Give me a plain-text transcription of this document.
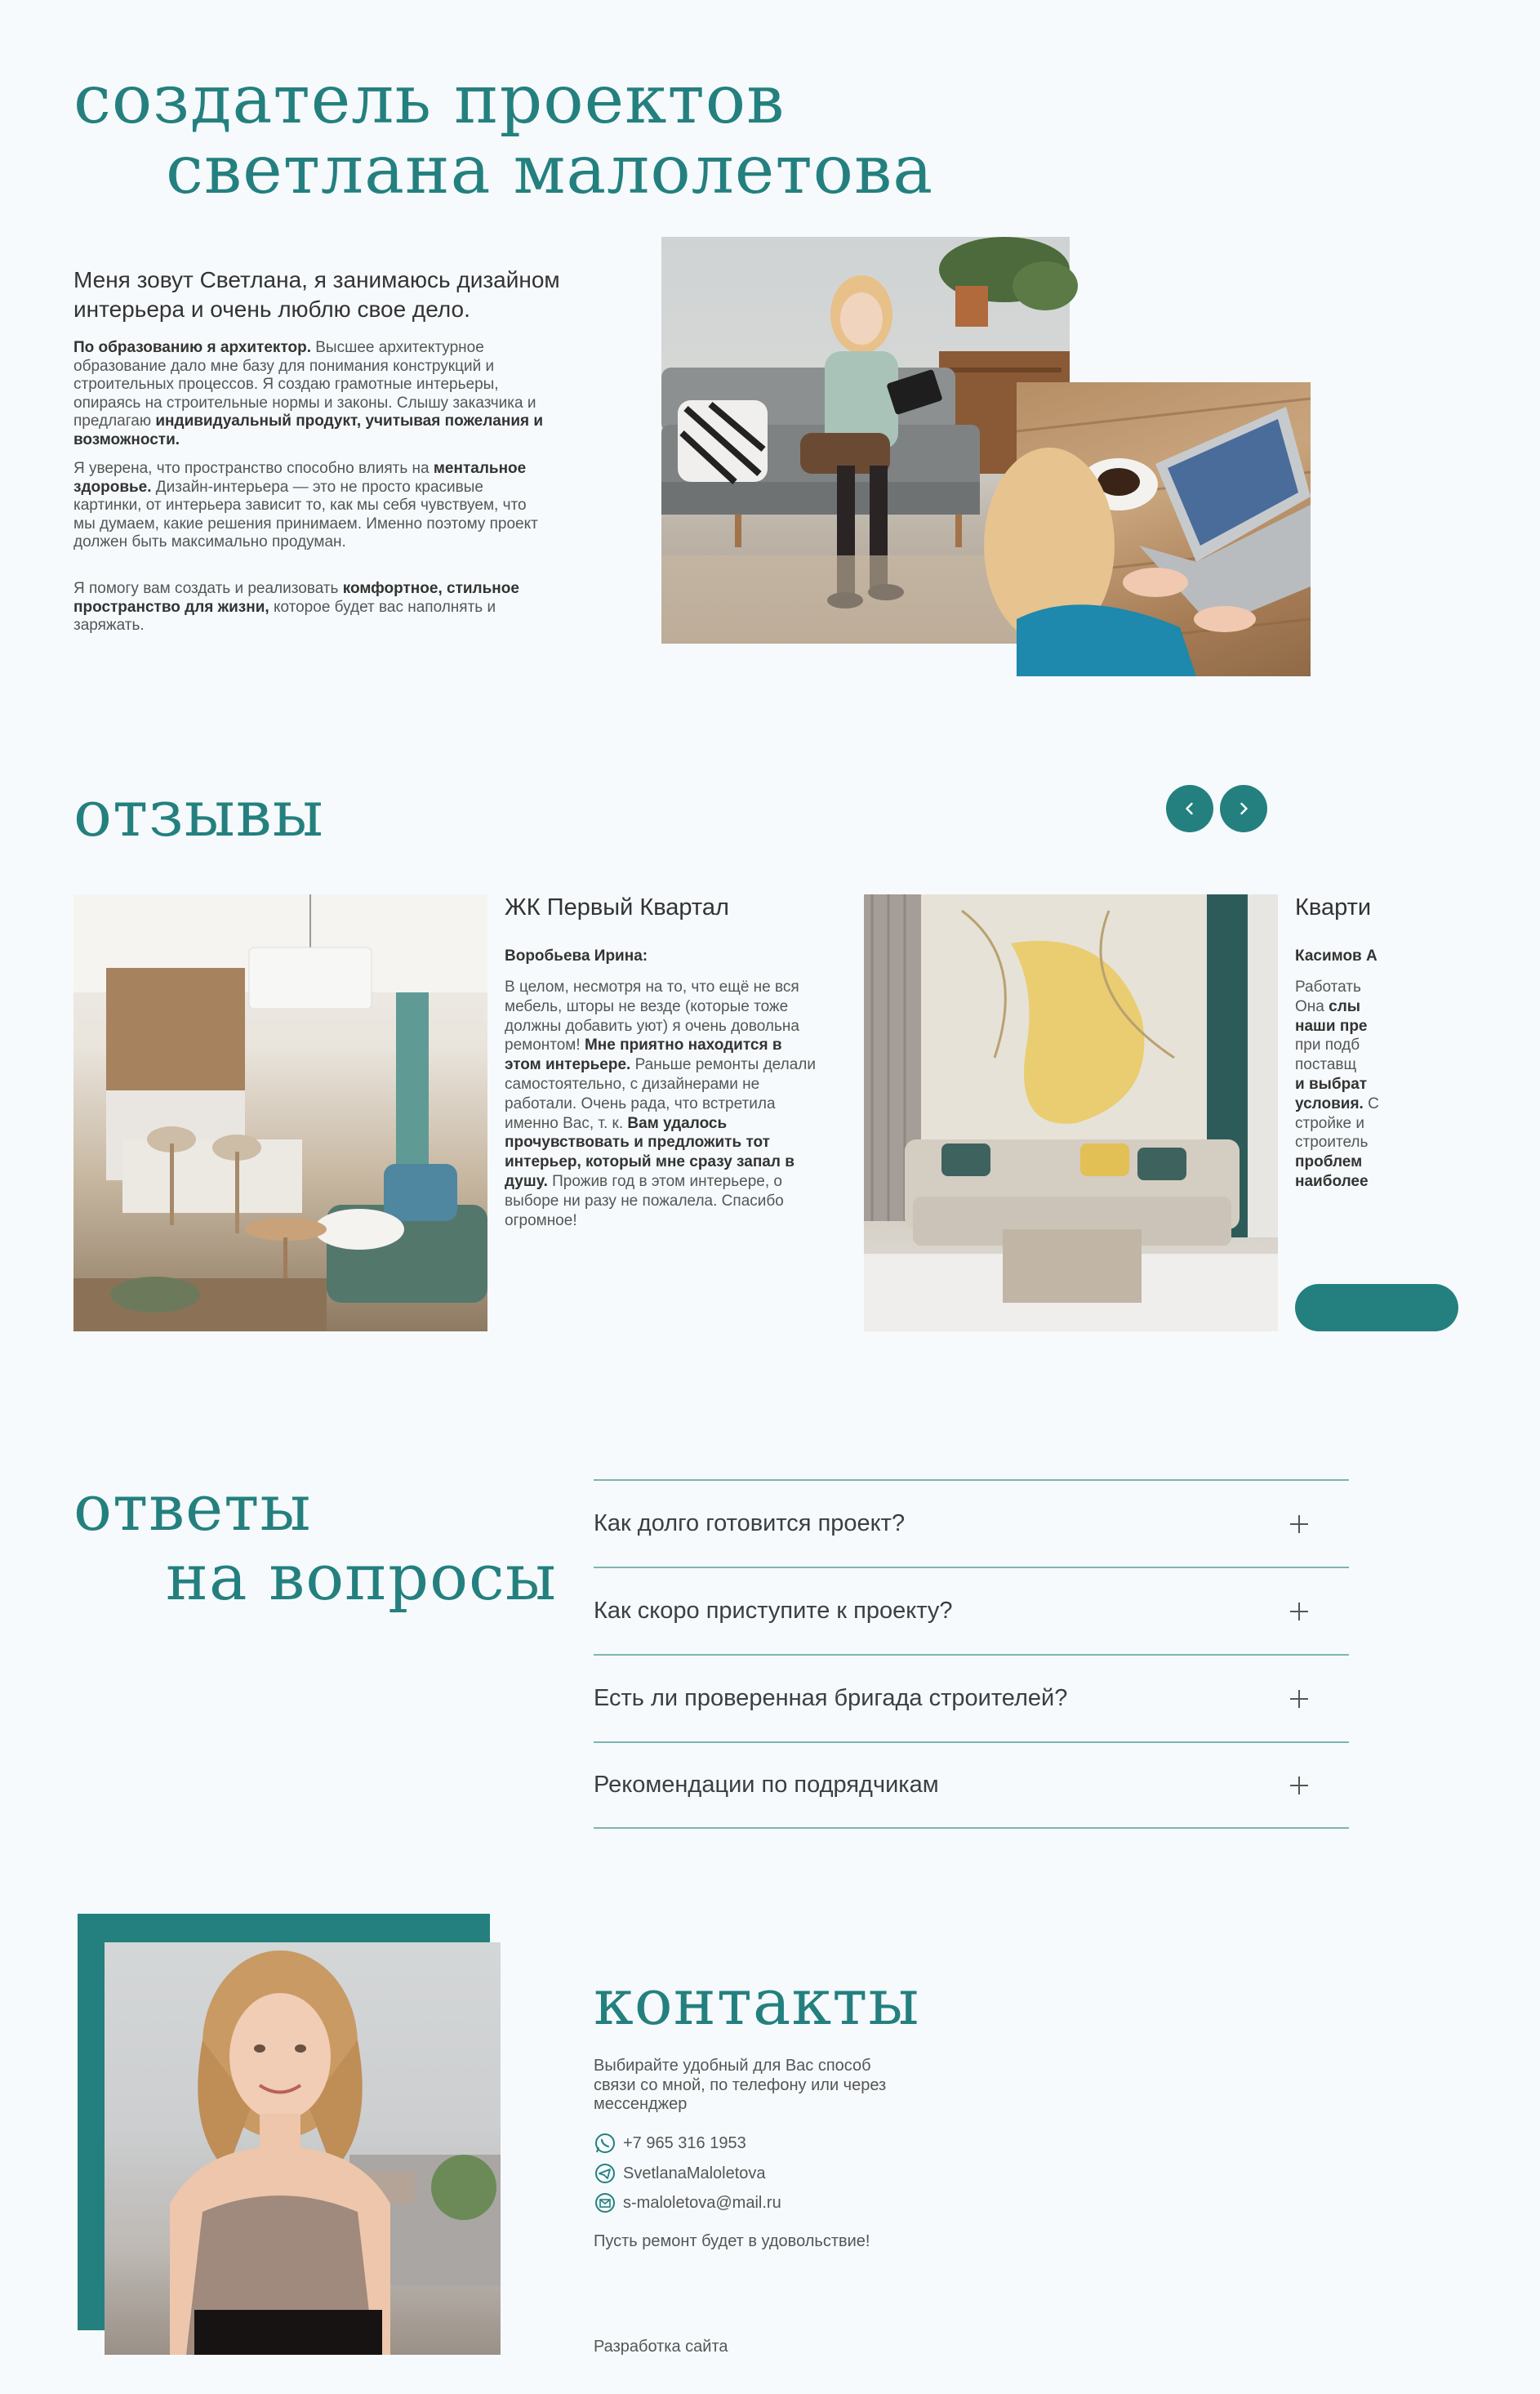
создатель проектов
светлана малолетова
Меня зовут Светлана, я занимаюсь дизайном интерьера и очень люблю свое дело.

По образованию я архитектор. Высшее архитектурное образование дало мне базу для понимания конструкций и строительных процессов. Я создаю грамотные интерьеры, опираясь на строительные нормы и законы. Слышу заказчика и предлагаю индивидуальный продукт, учитывая пожелания и возможности.

Я уверена, что пространство способно влиять на ментальное здоровье. Дизайн-интерьера — это не просто красивые картинки, от интерьера зависит то, как мы себя чувствуем, что мы думаем, какие решения принимаем. Именно поэтому проект должен быть максимально продуман.

Я помогу вам создать и реализовать комфортное, стильное пространство для жизни, которое будет вас наполнять и заряжать.

отзывы
ЖК Первый Квартал
Воробьева Ирина:

В целом, несмотря на то, что ещё не вся мебель, шторы не везде (которые тоже должны добавить уют) я очень довольна ремонтом! Мне приятно находится в этом интерьере. Раньше ремонты делали самостоятельно, с дизайнерами не работали. Очень рада, что встретила именно Вас, т. к. Вам удалось прочувствовать и предложить тот интерьер, который мне сразу запал в душу. Прожив год в этом интерьере, о выборе ни разу не пожалела. Спасибо огромное!

Кварти
Касимов А
Работать
Она слы
наши пре
при подб
поставщ
и выбрат
условия. С
стройке и
строитель
проблем
наиболее
ответы
на вопросы
Как долго готовится проект?
Как скоро приступите к проекту?
Есть ли проверенная бригада строителей?
Рекомендации по подрядчикам
контакты
Выбирайте удобный для Вас способ связи со мной, по телефону или через мессенджер
+7 965 316 1953
SvetlanaMaloletova
s-maloletova@mail.ru
Пусть ремонт будет в удовольствие!
Разработка сайта
